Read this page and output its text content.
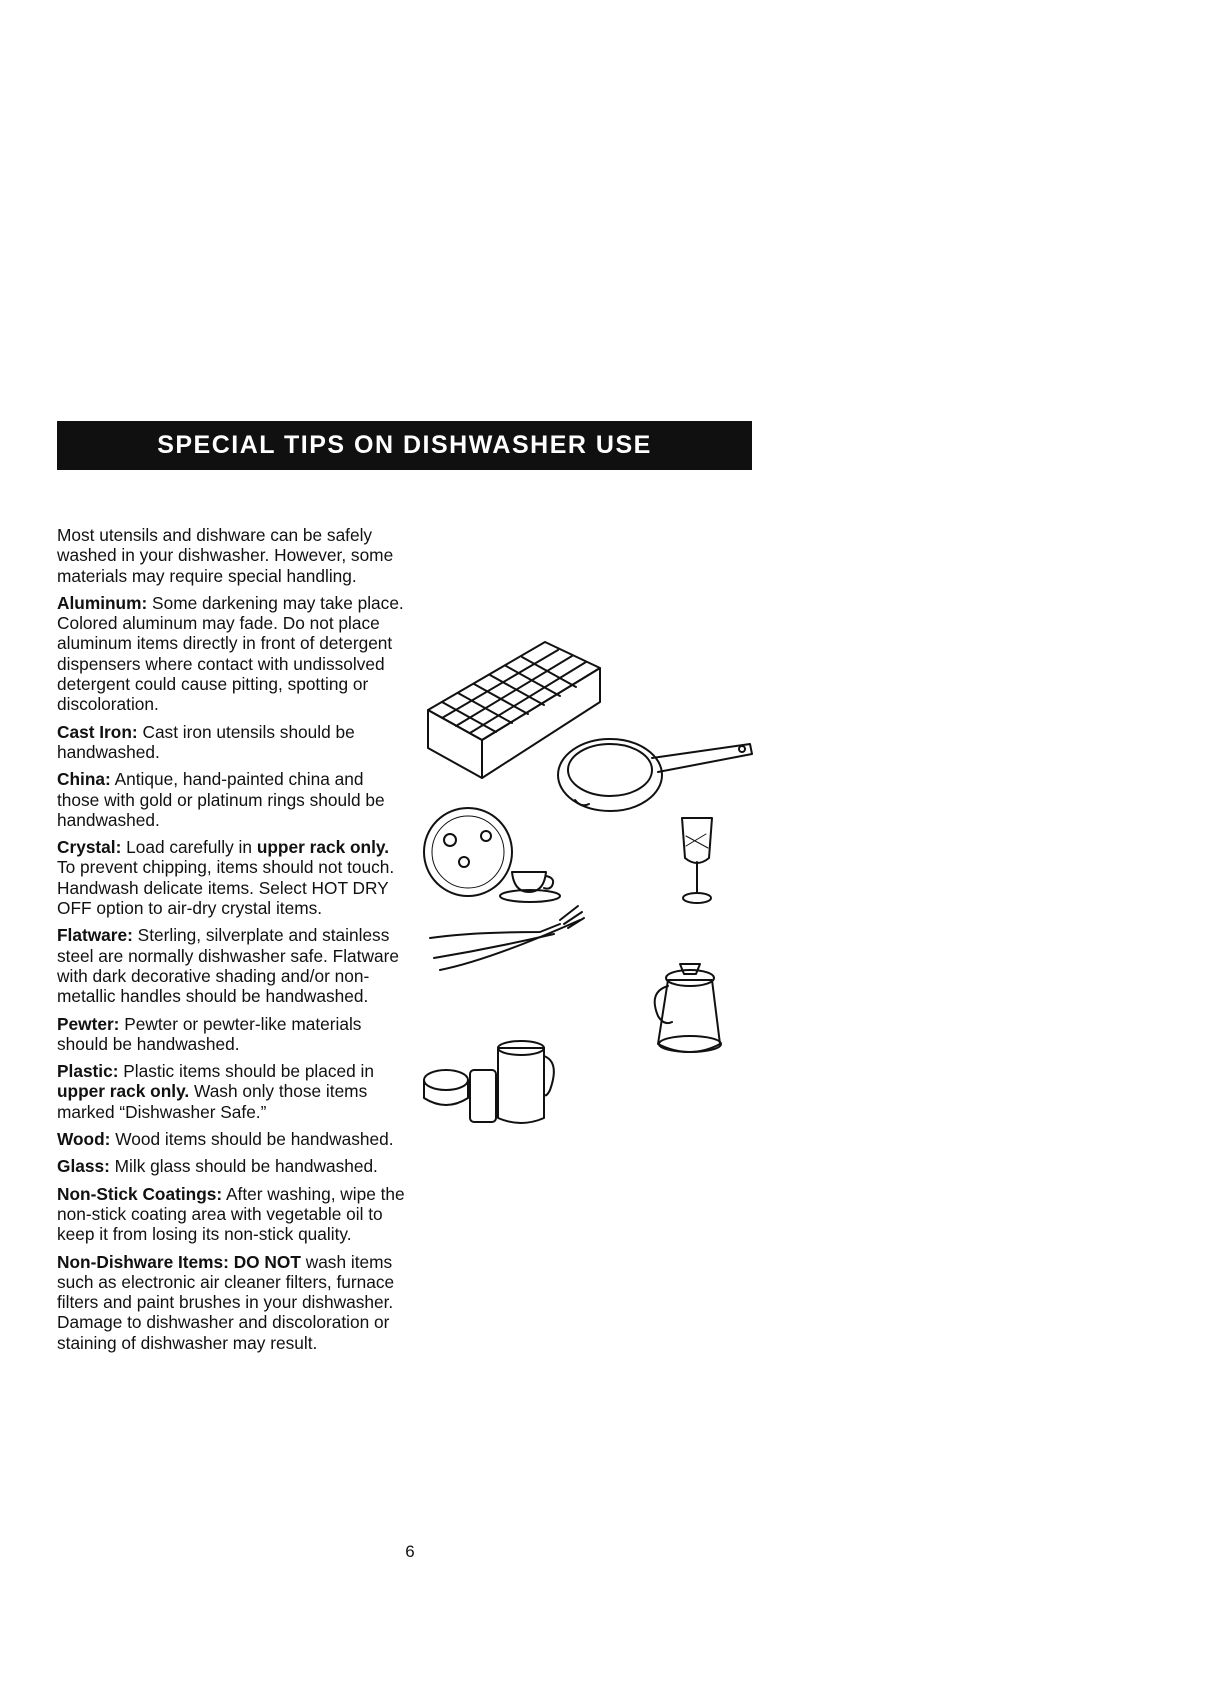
SPECIAL TIPS ON DISHWASHER USE

Most utensils and dishware can be safely washed in your dishwasher. However, some materials may require special handling.

Aluminum: Some darkening may take place. Colored aluminum may fade. Do not place aluminum items directly in front of detergent dispensers where contact with undissolved detergent could cause pitting, spotting or discoloration.

Cast Iron: Cast iron utensils should be handwashed.

China: Antique, hand-painted china and those with gold or platinum rings should be handwashed.

Crystal: Load carefully in upper rack only. To prevent chipping, items should not touch. Handwash delicate items. Select HOT DRY OFF option to air-dry crystal items.

Flatware: Sterling, silverplate and stainless steel are normally dishwasher safe. Flatware with dark decorative shading and/or non-metallic handles should be handwashed.

Pewter: Pewter or pewter-like materials should be handwashed.

Plastic: Plastic items should be placed in upper rack only. Wash only those items marked “Dishwasher Safe.”

Wood: Wood items should be handwashed.

Glass: Milk glass should be handwashed.

Non-Stick Coatings: After washing, wipe the non-stick coating area with vegetable oil to keep it from losing its non-stick quality.

Non-Dishware Items: DO NOT wash items such as electronic air cleaner filters, furnace filters and paint brushes in your dishwasher. Damage to dishwasher and discoloration or staining of dishwasher may result.

6
